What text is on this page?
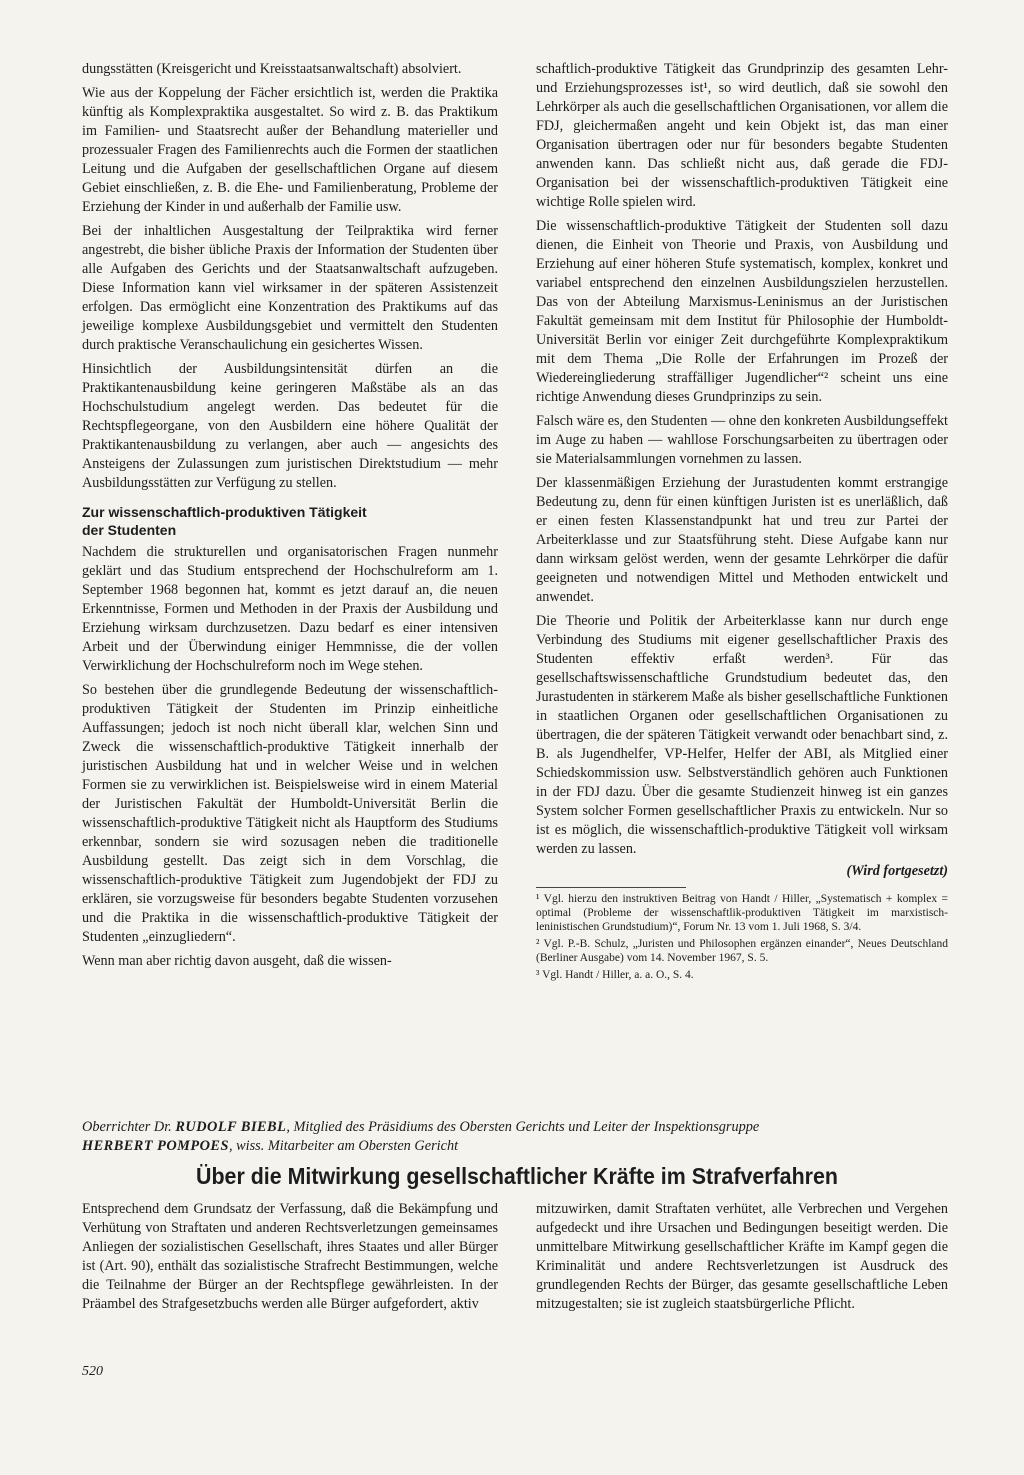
dungsstätten (Kreisgericht und Kreisstaatsanwaltschaft) absolviert.

Wie aus der Koppelung der Fächer ersichtlich ist, werden die Praktika künftig als Komplexpraktika ausgestaltet. So wird z. B. das Praktikum im Familien- und Staatsrecht außer der Behandlung materieller und prozessualer Fragen des Familienrechts auch die Formen der staatlichen Leitung und die Aufgaben der gesellschaftlichen Organe auf diesem Gebiet einschließen, z. B. die Ehe- und Familienberatung, Probleme der Erziehung der Kinder in und außerhalb der Familie usw.

Bei der inhaltlichen Ausgestaltung der Teilpraktika wird ferner angestrebt, die bisher übliche Praxis der Information der Studenten über alle Aufgaben des Gerichts und der Staatsanwaltschaft aufzugeben. Diese Information kann viel wirksamer in der späteren Assistenzeit erfolgen. Das ermöglicht eine Konzentration des Praktikums auf das jeweilige komplexe Ausbildungsgebiet und vermittelt den Studenten durch praktische Veranschaulichung ein gesichertes Wissen.

Hinsichtlich der Ausbildungsintensität dürfen an die Praktikantenausbildung keine geringeren Maßstäbe als an das Hochschulstudium angelegt werden. Das bedeutet für die Rechtspflegeorgane, von den Ausbildern eine höhere Qualität der Praktikantenausbildung zu verlangen, aber auch — angesichts des Ansteigens der Zulassungen zum juristischen Direktstudium — mehr Ausbildungsstätten zur Verfügung zu stellen.

Zur wissenschaftlich-produktiven Tätigkeit
der Studenten

Nachdem die strukturellen und organisatorischen Fragen nunmehr geklärt und das Studium entsprechend der Hochschulreform am 1. September 1968 begonnen hat, kommt es jetzt darauf an, die neuen Erkenntnisse, Formen und Methoden in der Praxis der Ausbildung und Erziehung wirksam durchzusetzen. Dazu bedarf es einer intensiven Arbeit und der Überwindung einiger Hemmnisse, die der vollen Verwirklichung der Hochschulreform noch im Wege stehen.

So bestehen über die grundlegende Bedeutung der wissenschaftlich-produktiven Tätigkeit der Studenten im Prinzip einheitliche Auffassungen; jedoch ist noch nicht überall klar, welchen Sinn und Zweck die wissenschaftlich-produktive Tätigkeit innerhalb der juristischen Ausbildung hat und in welcher Weise und in welchen Formen sie zu verwirklichen ist. Beispielsweise wird in einem Material der Juristischen Fakultät der Humboldt-Universität Berlin die wissenschaftlich-produktive Tätigkeit nicht als Hauptform des Studiums erkennbar, sondern sie wird sozusagen neben die traditionelle Ausbildung gestellt. Das zeigt sich in dem Vorschlag, die wissenschaftlich-produktive Tätigkeit zum Jugendobjekt der FDJ zu erklären, sie vorzugsweise für besonders begabte Studenten vorzusehen und die Praktika in die wissenschaftlich-produktive Tätigkeit der Studenten „einzugliedern“.

Wenn man aber richtig davon ausgeht, daß die wissen-

schaftlich-produktive Tätigkeit das Grundprinzip des gesamten Lehr- und Erziehungsprozesses ist¹, so wird deutlich, daß sie sowohl den Lehrkörper als auch die gesellschaftlichen Organisationen, vor allem die FDJ, gleichermaßen angeht und kein Objekt ist, das man einer Organisation übertragen oder nur für besonders begabte Studenten anwenden kann. Das schließt nicht aus, daß gerade die FDJ-Organisation bei der wissenschaftlich-produktiven Tätigkeit eine wichtige Rolle spielen wird.

Die wissenschaftlich-produktive Tätigkeit der Studenten soll dazu dienen, die Einheit von Theorie und Praxis, von Ausbildung und Erziehung auf einer höheren Stufe systematisch, komplex, konkret und variabel entsprechend den einzelnen Ausbildungszielen herzustellen. Das von der Abteilung Marxismus-Leninismus an der Juristischen Fakultät gemeinsam mit dem Institut für Philosophie der Humboldt-Universität Berlin vor einiger Zeit durchgeführte Komplexpraktikum mit dem Thema „Die Rolle der Erfahrungen im Prozeß der Wiedereingliederung straffälliger Jugendlicher“² scheint uns eine richtige Anwendung dieses Grundprinzips zu sein.

Falsch wäre es, den Studenten — ohne den konkreten Ausbildungseffekt im Auge zu haben — wahllose Forschungsarbeiten zu übertragen oder sie Materialsammlungen vornehmen zu lassen.

Der klassenmäßigen Erziehung der Jurastudenten kommt erstrangige Bedeutung zu, denn für einen künftigen Juristen ist es unerläßlich, daß er einen festen Klassenstandpunkt hat und treu zur Partei der Arbeiterklasse und zur Staatsführung steht. Diese Aufgabe kann nur dann wirksam gelöst werden, wenn der gesamte Lehrkörper die dafür geeigneten und notwendigen Mittel und Methoden entwickelt und anwendet.

Die Theorie und Politik der Arbeiterklasse kann nur durch enge Verbindung des Studiums mit eigener gesellschaftlicher Praxis des Studenten effektiv erfaßt werden³. Für das gesellschaftswissenschaftliche Grundstudium bedeutet das, den Jurastudenten in stärkerem Maße als bisher gesellschaftliche Funktionen in staatlichen Organen oder gesellschaftlichen Organisationen zu übertragen, die der späteren Tätigkeit verwandt oder benachbart sind, z. B. als Jugendhelfer, VP-Helfer, Helfer der ABI, als Mitglied einer Schiedskommission usw. Selbstverständlich gehören auch Funktionen in der FDJ dazu. Über die gesamte Studienzeit hinweg ist ein ganzes System solcher Formen gesellschaftlicher Praxis zu entwickeln. Nur so ist es möglich, die wissenschaftlich-produktive Tätigkeit voll wirksam werden zu lassen.

(Wird fortgesetzt)

¹ Vgl. hierzu den instruktiven Beitrag von Handt / Hiller, „Systematisch + komplex = optimal (Probleme der wissenschaftlik-produktiven Tätigkeit im marxistisch-leninistischen Grundstudium)“, Forum Nr. 13 vom 1. Juli 1968, S. 3/4.

² Vgl. P.-B. Schulz, „Juristen und Philosophen ergänzen einander“, Neues Deutschland (Berliner Ausgabe) vom 14. November 1967, S. 5.

³ Vgl. Handt / Hiller, a. a. O., S. 4.

Oberrichter Dr. RUDOLF BIEBL, Mitglied des Präsidiums des Obersten Gerichts und Leiter der Inspektionsgruppe
HERBERT POMPOES, wiss. Mitarbeiter am Obersten Gericht
Über die Mitwirkung gesellschaftlicher Kräfte im Strafverfahren

Entsprechend dem Grundsatz der Verfassung, daß die Bekämpfung und Verhütung von Straftaten und anderen Rechtsverletzungen gemeinsames Anliegen der sozialistischen Gesellschaft, ihres Staates und aller Bürger ist (Art. 90), enthält das sozialistische Strafrecht Bestimmungen, welche die Teilnahme der Bürger an der Rechtspflege gewährleisten. In der Präambel des Strafgesetzbuchs werden alle Bürger aufgefordert, aktiv

mitzuwirken, damit Straftaten verhütet, alle Verbrechen und Vergehen aufgedeckt und ihre Ursachen und Bedingungen beseitigt werden. Die unmittelbare Mitwirkung gesellschaftlicher Kräfte im Kampf gegen die Kriminalität und andere Rechtsverletzungen ist Ausdruck des grundlegenden Rechts der Bürger, das gesamte gesellschaftliche Leben mitzugestalten; sie ist zugleich staatsbürgerliche Pflicht.

520
